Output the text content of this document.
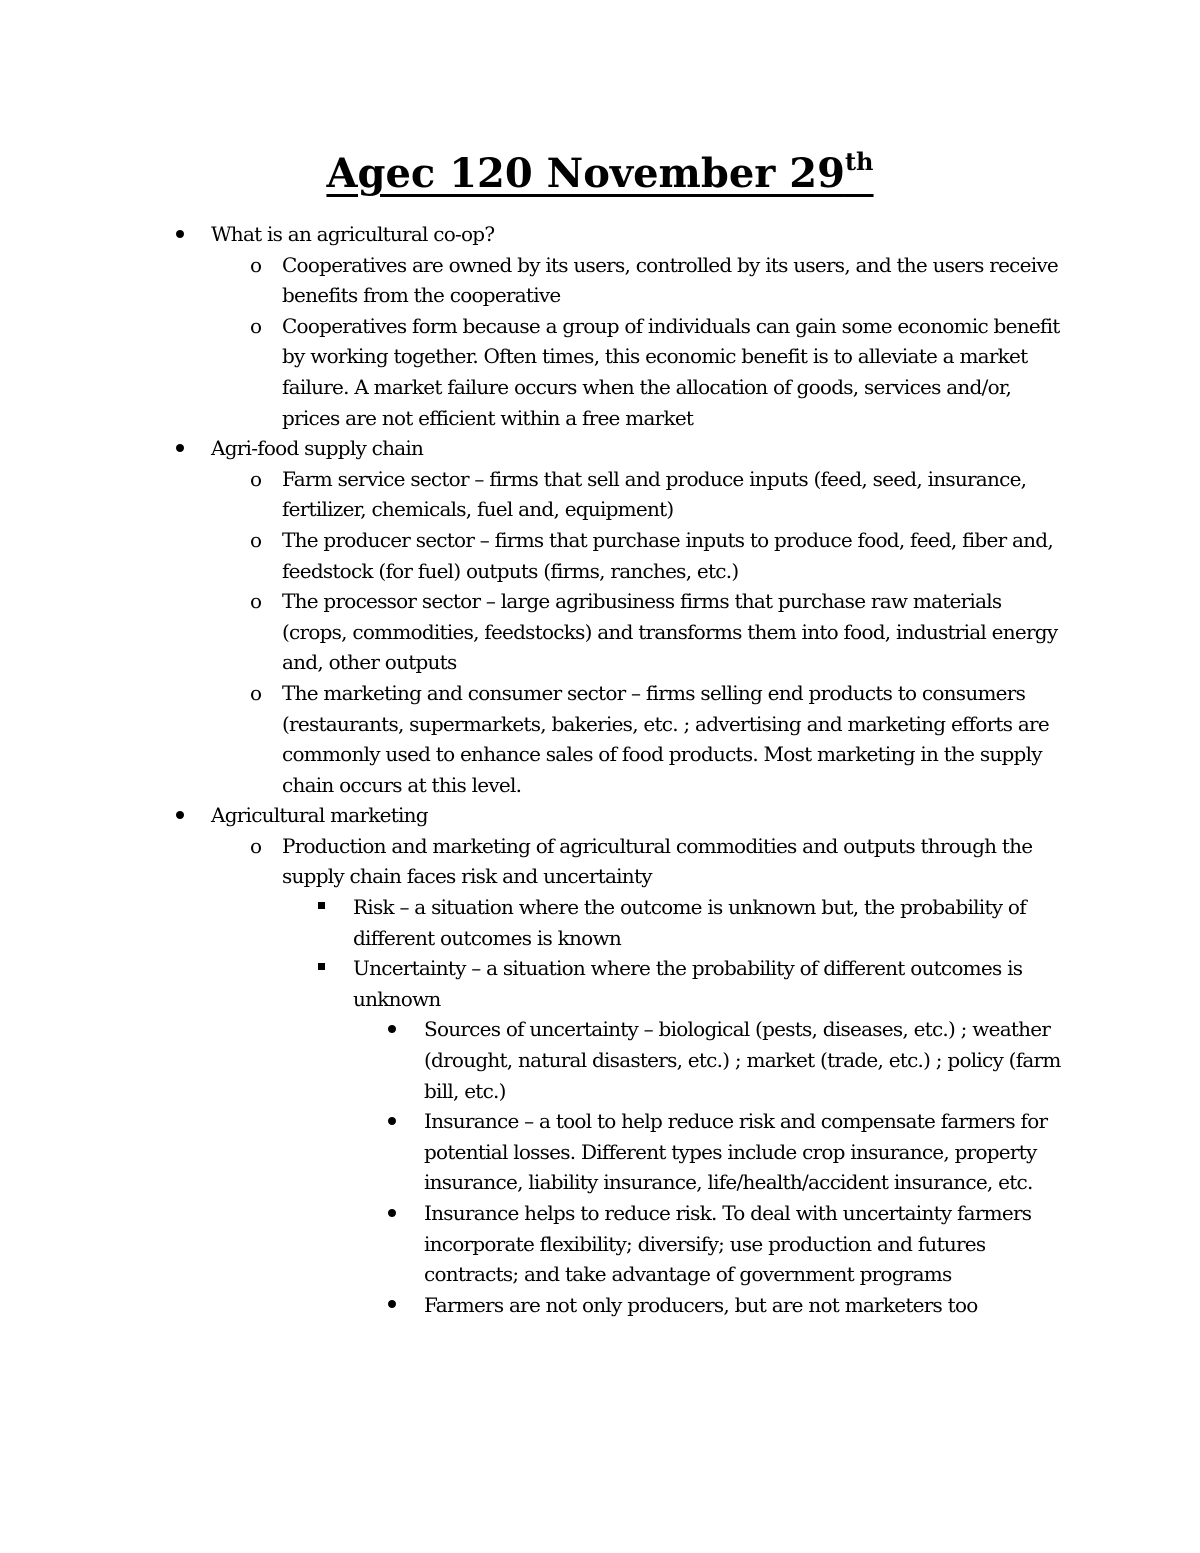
Agec 120 November 29th
What is an agricultural co-op?
o Cooperatives are owned by its users, controlled by its users, and the users receive benefits from the cooperative
o Cooperatives form because a group of individuals can gain some economic benefit by working together. Often times, this economic benefit is to alleviate a market failure. A market failure occurs when the allocation of goods, services and/or, prices are not efficient within a free market
Agri-food supply chain
o Farm service sector – firms that sell and produce inputs (feed, seed, insurance, fertilizer, chemicals, fuel and, equipment)
o The producer sector – firms that purchase inputs to produce food, feed, fiber and, feedstock (for fuel) outputs (firms, ranches, etc.)
o The processor sector – large agribusiness firms that purchase raw materials (crops, commodities, feedstocks) and transforms them into food, industrial energy and, other outputs
o The marketing and consumer sector – firms selling end products to consumers (restaurants, supermarkets, bakeries, etc. ; advertising and marketing efforts are commonly used to enhance sales of food products. Most marketing in the supply chain occurs at this level.
Agricultural marketing
o Production and marketing of agricultural commodities and outputs through the supply chain faces risk and uncertainty
Risk – a situation where the outcome is unknown but, the probability of different outcomes is known
Uncertainty – a situation where the probability of different outcomes is unknown
Sources of uncertainty – biological (pests, diseases, etc.) ; weather (drought, natural disasters, etc.) ; market (trade, etc.) ; policy (farm bill, etc.)
Insurance – a tool to help reduce risk and compensate farmers for potential losses. Different types include crop insurance, property insurance, liability insurance, life/health/accident insurance, etc.
Insurance helps to reduce risk. To deal with uncertainty farmers incorporate flexibility; diversify; use production and futures contracts; and take advantage of government programs
Farmers are not only producers, but are not marketers too
